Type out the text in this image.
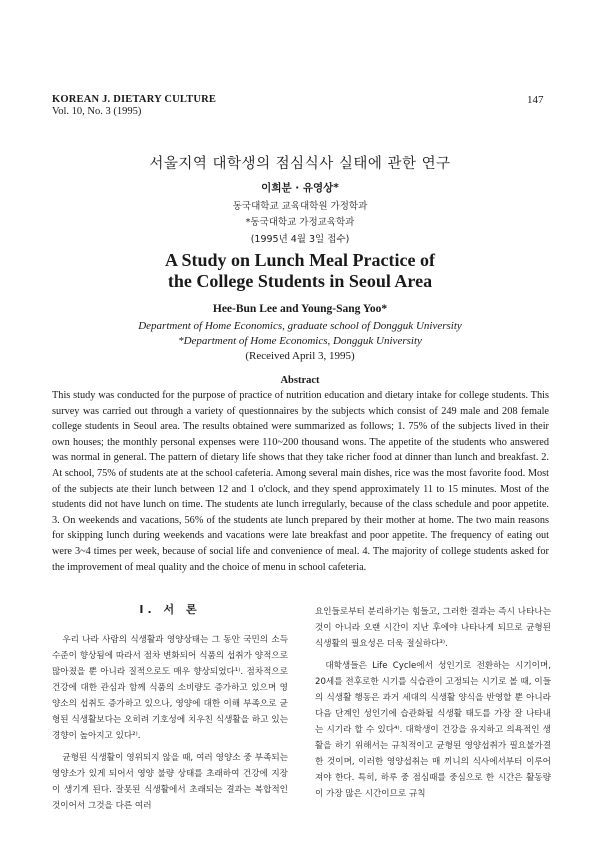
KOREAN J. DIETARY CULTURE
Vol. 10, No. 3 (1995)
147
서울지역 대학생의 점심식사 실태에 관한 연구
이희분 · 유영상*
동국대학교 교육대학원 가정학과
*동국대학교 가정교육학과
(1995년 4월 3일 접수)
A Study on Lunch Meal Practice of
the College Students in Seoul Area
Hee-Bun Lee and Young-Sang Yoo*
Department of Home Economics, graduate school of Dongguk University
*Department of Home Economics, Dongguk University
(Received April 3, 1995)
Abstract

This study was conducted for the purpose of practice of nutrition education and dietary intake for college students. This survey was carried out through a variety of questionnaires by the subjects which consist of 249 male and 208 female college students in Seoul area. The results obtained were summarized as follows; 1. 75% of the subjects lived in their own houses; the monthly personal expenses were 110~200 thousand wons. The appetite of the students who answered was normal in general. The pattern of dietary life shows that they take richer food at dinner than lunch and breakfast. 2. At school, 75% of students ate at the school cafeteria. Among several main dishes, rice was the most favorite food. Most of the subjects ate their lunch between 12 and 1 o'clock, and they spend approximately 11 to 15 minutes. Most of the students did not have lunch on time. The students ate lunch irregularly, because of the class schedule and poor appetite. 3. On weekends and vacations, 56% of the students ate lunch prepared by their mother at home. The two main reasons for skipping lunch during weekends and vacations were late breakfast and poor appetite. The frequency of eating out were 3~4 times per week, because of social life and convenience of meal. 4. The majority of college students asked for the improvement of meal quality and the choice of menu in school cafeteria.

I. 서 론

우리 나라 사람의 식생활과 영양상태는 그 동안 국민의 소득 수준이 향상됨에 따라서 점차 변화되어 식품의 섭취가 양적으로 많아졌을 뿐 아니라 질적으로도 매우 향상되었다¹⁾. 점차적으로 건강에 대한 관심과 함께 식품의 소비량도 증가하고 있으며 영양소의 섭취도 증가하고 있으나, 영양에 대한 이해 부족으로 균형된 식생활보다는 오히려 기호성에 치우친 식생활을 하고 있는 경향이 높아지고 있다²⁾.

균형된 식생활이 영위되지 않을 때, 여러 영양소 중 부족되는 영양소가 있게 되어서 영양 불량 상태를 초래하여 건강에 지장이 생기게 된다. 잘못된 식생활에서 초래되는 결과는 복합적인 것이어서 그것을 다른 여러

요인들로부터 분리하기는 힘들고, 그러한 결과는 즉시 나타나는 것이 아니라 오랜 시간이 지난 후에야 나타나게 되므로 균형된 식생활의 필요성은 더욱 절실하다³⁾.

대학생들은 Life Cycle에서 성인기로 전환하는 시기이며, 20세를 전후로한 시기를 식습관이 고정되는 시기로 볼 때, 이들의 식생활 행동은 과거 세대의 식생활 양식을 반영할 뿐 아니라 다음 단계인 성인기에 습관화될 식생활 태도를 가장 잘 나타내는 시기라 할 수 있다⁴⁾. 대학생이 건강을 유지하고 의욕적인 생활을 하기 위해서는 규칙적이고 균형된 영양섭취가 필요불가결한 것이며, 이러한 영양섭취는 매 끼니의 식사에서부터 이루어져야 한다. 특히, 하루 중 점심때를 중심으로 한 시간은 활동량이 가장 많은 시간이므로 규칙
